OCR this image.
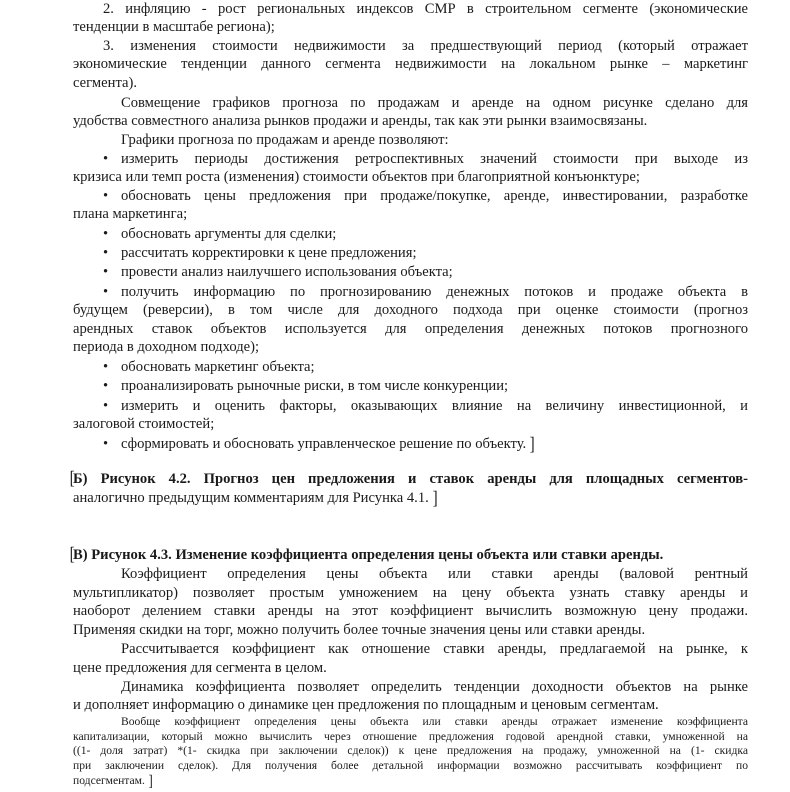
2. инфляцию - рост региональных индексов СМР в строительном сегменте (экономические
тенденции в масштабе региона);
3. изменения стоимости недвижимости за предшествующий период (который отражает
экономические тенденции данного сегмента недвижимости на локальном рынке – маркетинг
сегмента).
Совмещение графиков прогноза по продажам и аренде на одном рисунке сделано для
удобства совместного анализа рынков продажи и аренды, так как эти рынки взаимосвязаны.
Графики прогноза по продажам и аренде позволяют:
• измерить периоды достижения ретроспективных значений стоимости при выходе из
кризиса или темп роста (изменения) стоимости объектов при благоприятной конъюнктуре;
• обосновать цены предложения при продаже/покупке, аренде, инвестировании, разработке
плана маркетинга;
• обосновать аргументы для сделки;
• рассчитать корректировки к цене предложения;
• провести анализ наилучшего использования объекта;
• получить информацию по прогнозированию денежных потоков и продаже объекта в
будущем (реверсии), в том числе для доходного подхода при оценке стоимости (прогноз
арендных ставок объектов используется для определения денежных потоков прогнозного
периода в доходном подходе);
• обосновать маркетинг объекта;
• проанализировать рыночные риски, в том числе конкуренции;
• измерить и оценить факторы, оказывающих влияние на величину инвестиционной, и
залоговой стоимостей;
• сформировать и обосновать управленческое решение по объекту. ]
[
Б) Рисунок 4.2. Прогноз цен предложения и ставок аренды для площадных сегментов-
аналогично предыдущим комментариям для Рисунка 4.1. ]
[
В) Рисунок 4.3. Изменение коэффициента определения цены объекта или ставки аренды.
Коэффициент определения цены объекта или ставки аренды (валовой рентный
мультипликатор) позволяет простым умножением на цену объекта узнать ставку аренды и
наоборот делением ставки аренды на этот коэффициент вычислить возможную цену продажи.
Применяя скидки на торг, можно получить более точные значения цены или ставки аренды.
Рассчитывается коэффициент как отношение ставки аренды, предлагаемой на рынке, к
цене предложения для сегмента в целом.
Динамика коэффициента позволяет определить тенденции доходности объектов на рынке
и дополняет информацию о динамике цен предложения по площадным и ценовым сегментам.
Вообще коэффициент определения цены объекта или ставки аренды отражает изменение коэффициента
капитализации, который можно вычислить через отношение предложения годовой арендной ставки, умноженной на
((1- доля затрат) *(1- скидка при заключении сделок)) к цене предложения на продажу, умноженной на (1- скидка
при заключении сделок). Для получения более детальной информации возможно рассчитывать коэффициент по
подсегментам. ]
